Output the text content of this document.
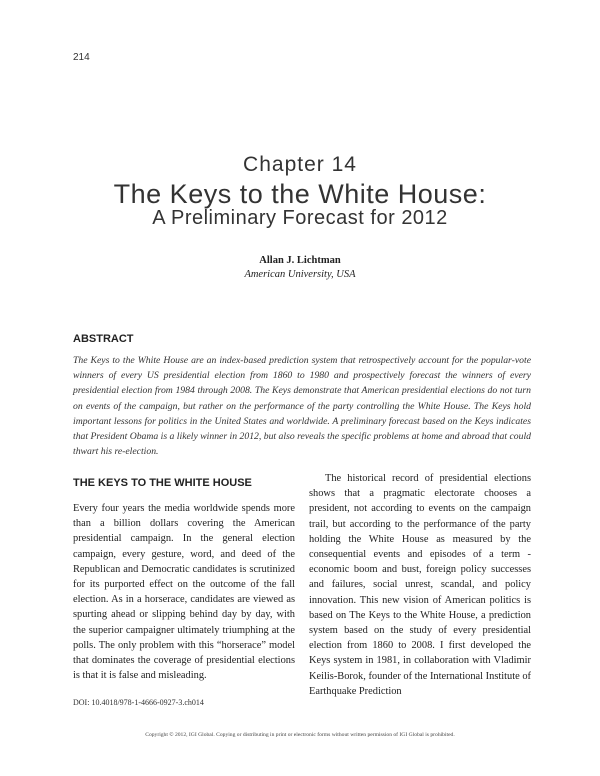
214
Chapter 14
The Keys to the White House:
A Preliminary Forecast for 2012
Allan J. Lichtman
American University, USA
ABSTRACT
The Keys to the White House are an index-based prediction system that retrospectively account for the popular-vote winners of every US presidential election from 1860 to 1980 and prospectively forecast the winners of every presidential election from 1984 through 2008. The Keys demonstrate that American presidential elections do not turn on events of the campaign, but rather on the performance of the party controlling the White House. The Keys hold important lessons for politics in the United States and worldwide. A preliminary forecast based on the Keys indicates that President Obama is a likely winner in 2012, but also reveals the specific problems at home and abroad that could thwart his re-election.
THE KEYS TO THE WHITE HOUSE
Every four years the media worldwide spends more than a billion dollars covering the American presidential campaign. In the general election campaign, every gesture, word, and deed of the Republican and Democratic candidates is scrutinized for its purported effect on the outcome of the fall election. As in a horserace, candidates are viewed as spurting ahead or slipping behind day by day, with the superior campaigner ultimately triumphing at the polls. The only problem with this “horserace” model that dominates the coverage of presidential elections is that it is false and misleading.
The historical record of presidential elections shows that a pragmatic electorate chooses a president, not according to events on the campaign trail, but according to the performance of the party holding the White House as measured by the consequential events and episodes of a term - economic boom and bust, foreign policy successes and failures, social unrest, scandal, and policy innovation. This new vision of American politics is based on The Keys to the White House, a prediction system based on the study of every presidential election from 1860 to 2008. I first developed the Keys system in 1981, in collaboration with Vladimir Keilis-Borok, founder of the International Institute of Earthquake Prediction
DOI: 10.4018/978-1-4666-0927-3.ch014
Copyright © 2012, IGI Global. Copying or distributing in print or electronic forms without written permission of IGI Global is prohibited.
